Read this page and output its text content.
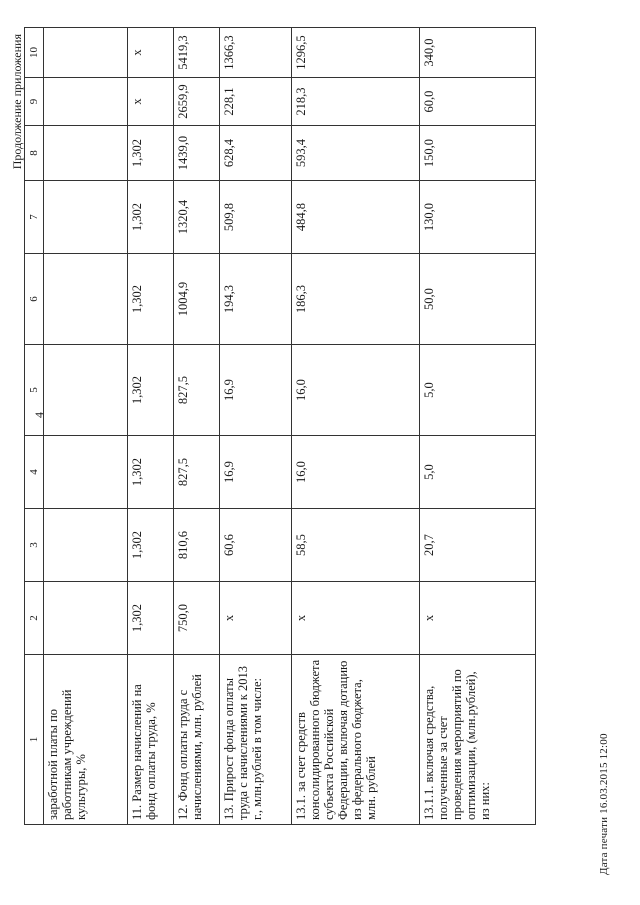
4
Продолжение приложения
1	2	3	4	5	6	7	8	9	10
заработной платы по работникам учреждений культуры, %									
11. Размер начислений на фонд оплаты труда, %	1,302	1,302	1,302	1,302	1,302	1,302	1,302	х	х
12. Фонд оплаты труда с начислениями, млн. рублей	750,0	810,6	827,5	827,5	1004,9	1320,4	1439,0	2659,9	5419,3
13. Прирост фонда оплаты труда с начислениями к 2013 г., млн.рублей в том числе:	х	60,6	16,9	16,9	194,3	509,8	628,4	228,1	1366,3
13.1. за счет средств консолидированного бюджета субъекта Российской Федерации, включая дотацию из федерального бюджета, млн. рублей	х	58,5	16,0	16,0	186,3	484,8	593,4	218,3	1296,5
13.1.1. включая средства, полученные за счет проведения мероприятий по оптимизации, (млн.рублей), из них:	х	20,7	5,0	5,0	50,0	130,0	150,0	60,0	340,0
Дата печати 16.03.2015 12:00
